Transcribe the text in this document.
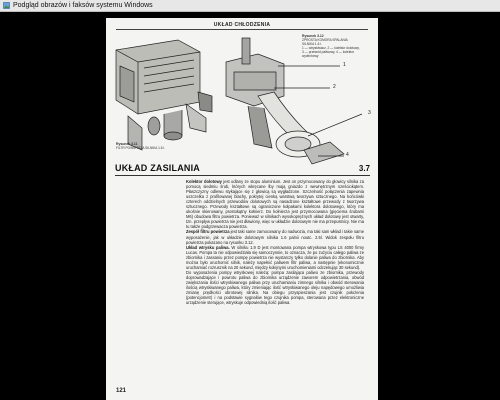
Podgląd obrazów i faksów systemu Windows
UKŁAD CHŁODZENIA
1
2
3
4
Rysunek 3.11
FILTR POWIETRZA SILNIKA 1.6 l.
Rysunek 3.12
ZPROSTA KOMORA SPALANIA
SILNIKA 1.6 l.
1 — wtryskiwacz, 2 — kolektor dolotowy,
3 — przewód paliwowy, 4 — kolektor
wydechowy
UKŁAD ZASILANIA	3.7

Kolektor dolotowy jest odlany ze stopu aluminium. Jest on przymocowany do głowicy silnika za pomocą siedmiu śrub, których wkręcane łby mają gniazdo z wewnętrznym sześciokątem. Płaszczyzny odlewu stykające się z głowicą są wygładzone. Szczelność połączenia zapewnia uszczelka z profilowanej blachy, pokrytej cienką warstwą tworzywa sztucznego. Na końcówki czterech oddzielnych przewodów dolotowych są nasadzone kształtowe przewody z tworzywa sztucznego. Przewody kształtowe są ograniczone kołpakami kolektora dolotowego, który ma ukośnie skierowany, prostokątny kołnierz. Do kołnierza jest przymocowana (gięciema śrubami M6) obudowa filtru powietrza. Ponieważ w silnikach wysokoprężnych układ dolotowy jest otwarty, tzn. przepływ powietrza nie jest dławiony, więc w układzie dolotowym nie ma przepustnicy. Nie ma tu także podgrzewacza powietrza.

Zespół filtru powietrza jest taki same zamocowany do nadwozia, ma taki sam wkład i takie same wyposażenie, jak w układzie dolotowym silnika 1.6 palnii noutc. 2.5l. Widok zespołu filtru powietrza pokazano na rysunku 3.12.

Układ wtrysku paliwa. W silniku 1.9 D jest montowana pompa wtryskowa typu LS 4000 firmy Lucas. Pompa ta nie odpowiedziała się samoczynnie, to oznacza, że po zużyciu całego paliwa ze zbiornika i zassaniu przez pompę powietrza nie wystarczy tylko dolanie paliwa do zbiornika. Aby można było uruchomić silnik, należy napełnić paliwem filtr paliwa, a następnie (ekonomicznie uruchamiać rozrusznik na 20 sekund, między kolejnymi uruchomieniami odczekując 30 sekund).

Do wyposażenia pompy wtryskowej należą: pompa zasilająca paliwo ze zbiornika, przewody doprowadzające i powrotu paliwa do zbiornika urządzenie zaworem odpowietrzania, obwód zwiększania ilości wtryskiwanego paliwa przy uruchamianiu zimnego silnika i obwód sterowania ilością wtryskiwanego paliwa, który zmieniając ilość wtryskiwanego oleju napędowego umożliwia zmianę prędkości obrotowej silnika. Na obiegu przyspieszania jest czujnik położenia (potencjometr) i na podstawie sygnałów tego czujnika pompa, sterowana przez elektroniczne urządzenie sterujące, wtryskuje odpowiednią ilość paliwa.

121
